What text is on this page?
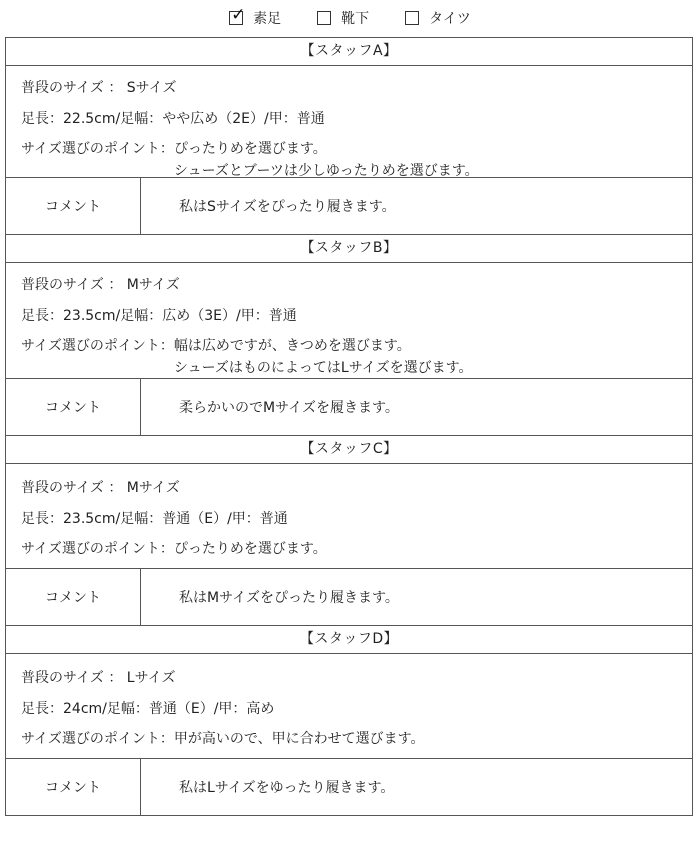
✓ 素足	靴下	タイツ
【スタッフA】
普段のサイズ ： Sサイズ
足長：22.5cm/足幅：やや広め（2E）/甲：普通
サイズ選びのポイント： ぴったりめを選びます。
シューズとブーツは少しゆったりめを選びます。
コメント	私はSサイズをぴったり履きます。
【スタッフB】
普段のサイズ ： Mサイズ
足長：23.5cm/足幅：広め（3E）/甲：普通
サイズ選びのポイント： 幅は広めですが、きつめを選びます。
シューズはものによってはLサイズを選びます。
コメント	柔らかいのでMサイズを履きます。
【スタッフC】
普段のサイズ ： Mサイズ
足長：23.5cm/足幅：普通（E）/甲：普通
サイズ選びのポイント： ぴったりめを選びます。
コメント	私はMサイズをぴったり履きます。
【スタッフD】
普段のサイズ ： Lサイズ
足長：24cm/足幅：普通（E）/甲：高め
サイズ選びのポイント： 甲が高いので、甲に合わせて選びます。
コメント	私はLサイズをゆったり履きます。
